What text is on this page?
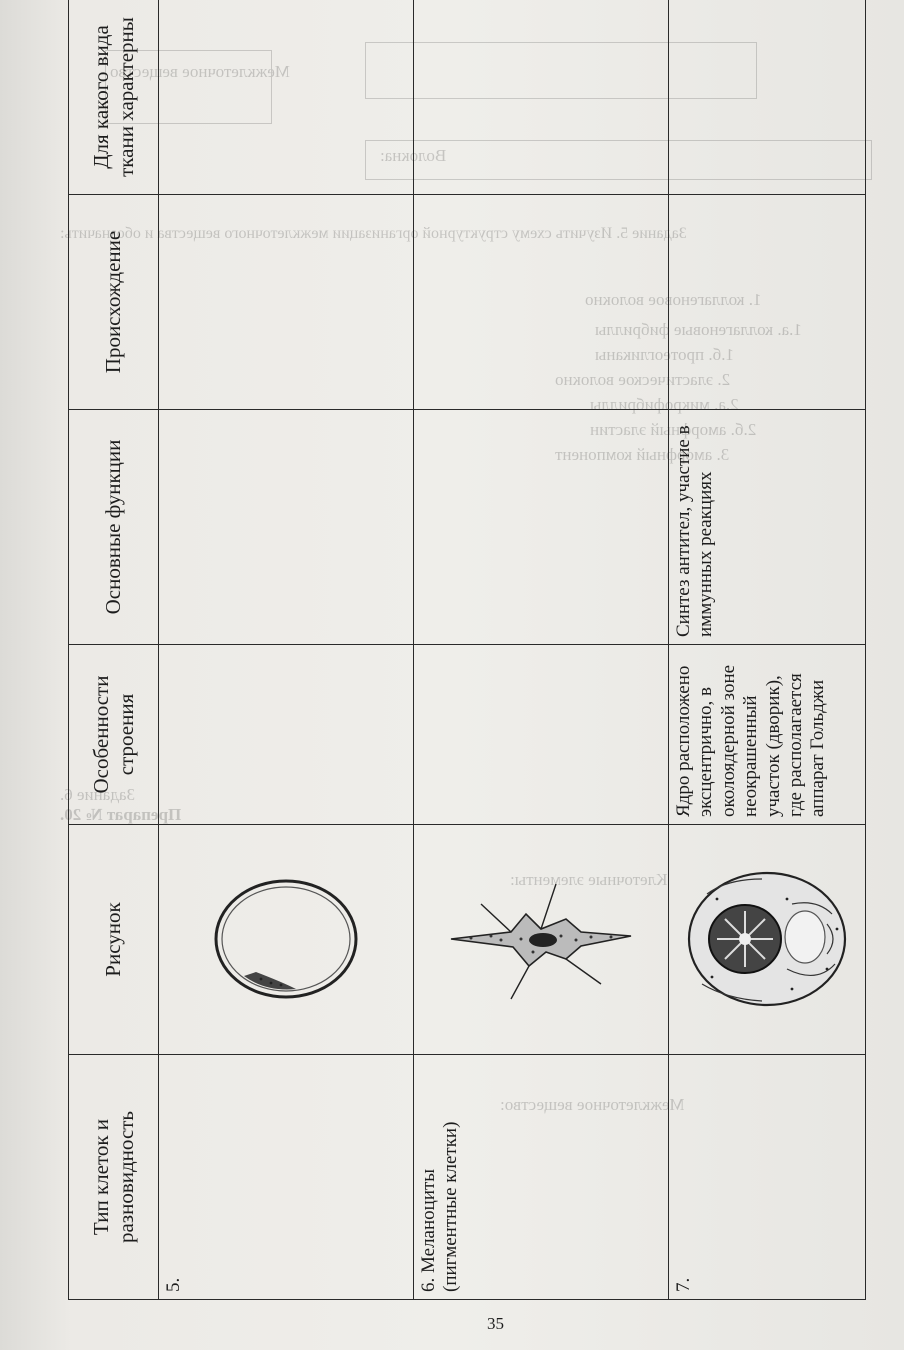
Межклеточное вещество
Волокна:
Задание 5. Изучить схему структурной организации межклеточного вещества и обозначить:
1. коллагеновое волокно
1.а. коллагеновые фибриллы
1.б. протеогликаны
2. эластическое волокно
2.а. микрофибриллы
2.б. аморфный эластин
3. аморфный компонент
Задание 6.
Препарат № 20.
Клеточные элементы:
Межклеточное вещество:
Тип клеток и разновидность	Рисунок	Особенности строения	Основные функции	Происхождение	Для какого вида ткани характерны
5.	

6. Меланоциты (пигментные клетки)	

7.		Ядро расположено эксцентрично, в околоядерной зоне неокрашенный участок (дворик), где располагается аппарат Гольджи	Синтез антител, участие в иммунных реакциях		
35
